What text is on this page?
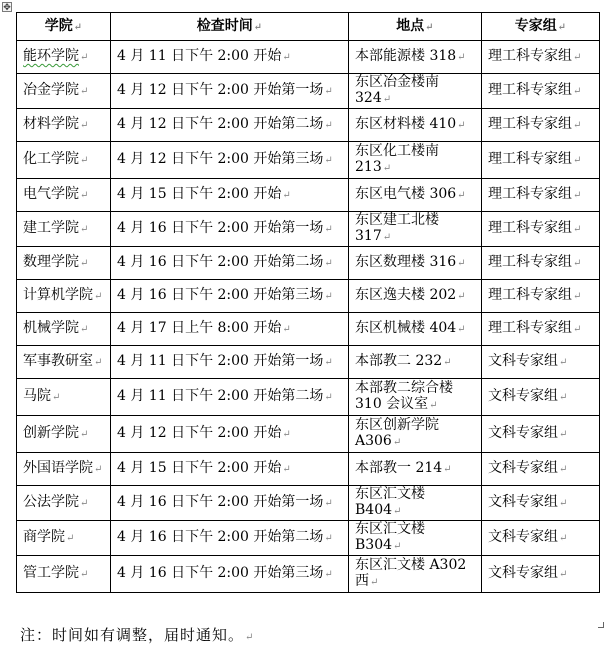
✥
学院↵	检查时间↵	地点↵	专家组↵
能环学院↵	4 月 11 日下午 2:00 开始↵	本部能源楼 318↵	理工科专家组↵
冶金学院↵	4 月 12 日下午 2:00 开始第一场↵	东区冶金楼南 324↵	理工科专家组↵
材料学院↵	4 月 12 日下午 2:00 开始第二场↵	东区材料楼 410↵	理工科专家组↵
化工学院↵	4 月 12 日下午 2:00 开始第三场↵	东区化工楼南 213↵	理工科专家组↵
电气学院↵	4 月 15 日下午 2:00 开始↵	东区电气楼 306↵	理工科专家组↵
建工学院↵	4 月 16 日下午 2:00 开始第一场↵	东区建工北楼 317↵	理工科专家组↵
数理学院↵	4 月 16 日下午 2:00 开始第二场↵	东区数理楼 316↵	理工科专家组↵
计算机学院↵	4 月 16 日下午 2:00 开始第三场↵	东区逸夫楼 202↵	理工科专家组↵
机械学院↵	4 月 17 日上午 8:00 开始↵	东区机械楼 404↵	理工科专家组↵
军事教研室↵	4 月 11 日下午 2:00 开始第一场↵	本部教二 232↵	文科专家组↵
马院↵	4 月 11 日下午 2:00 开始第二场↵	本部教二综合楼 310 会议室↵	文科专家组↵
创新学院↵	4 月 12 日下午 2:00 开始↵	东区创新学院 A306↵	文科专家组↵
外国语学院↵	4 月 15 日下午 2:00 开始↵	本部教一 214↵	文科专家组↵
公法学院↵	4 月 16 日下午 2:00 开始第一场↵	东区汇文楼 B404↵	文科专家组↵
商学院↵	4 月 16 日下午 2:00 开始第二场↵	东区汇文楼 B304↵	文科专家组↵
管工学院↵	4 月 16 日下午 2:00 开始第三场↵	东区汇文楼 A302 西↵	文科专家组↵
注：时间如有调整，届时通知。↵
